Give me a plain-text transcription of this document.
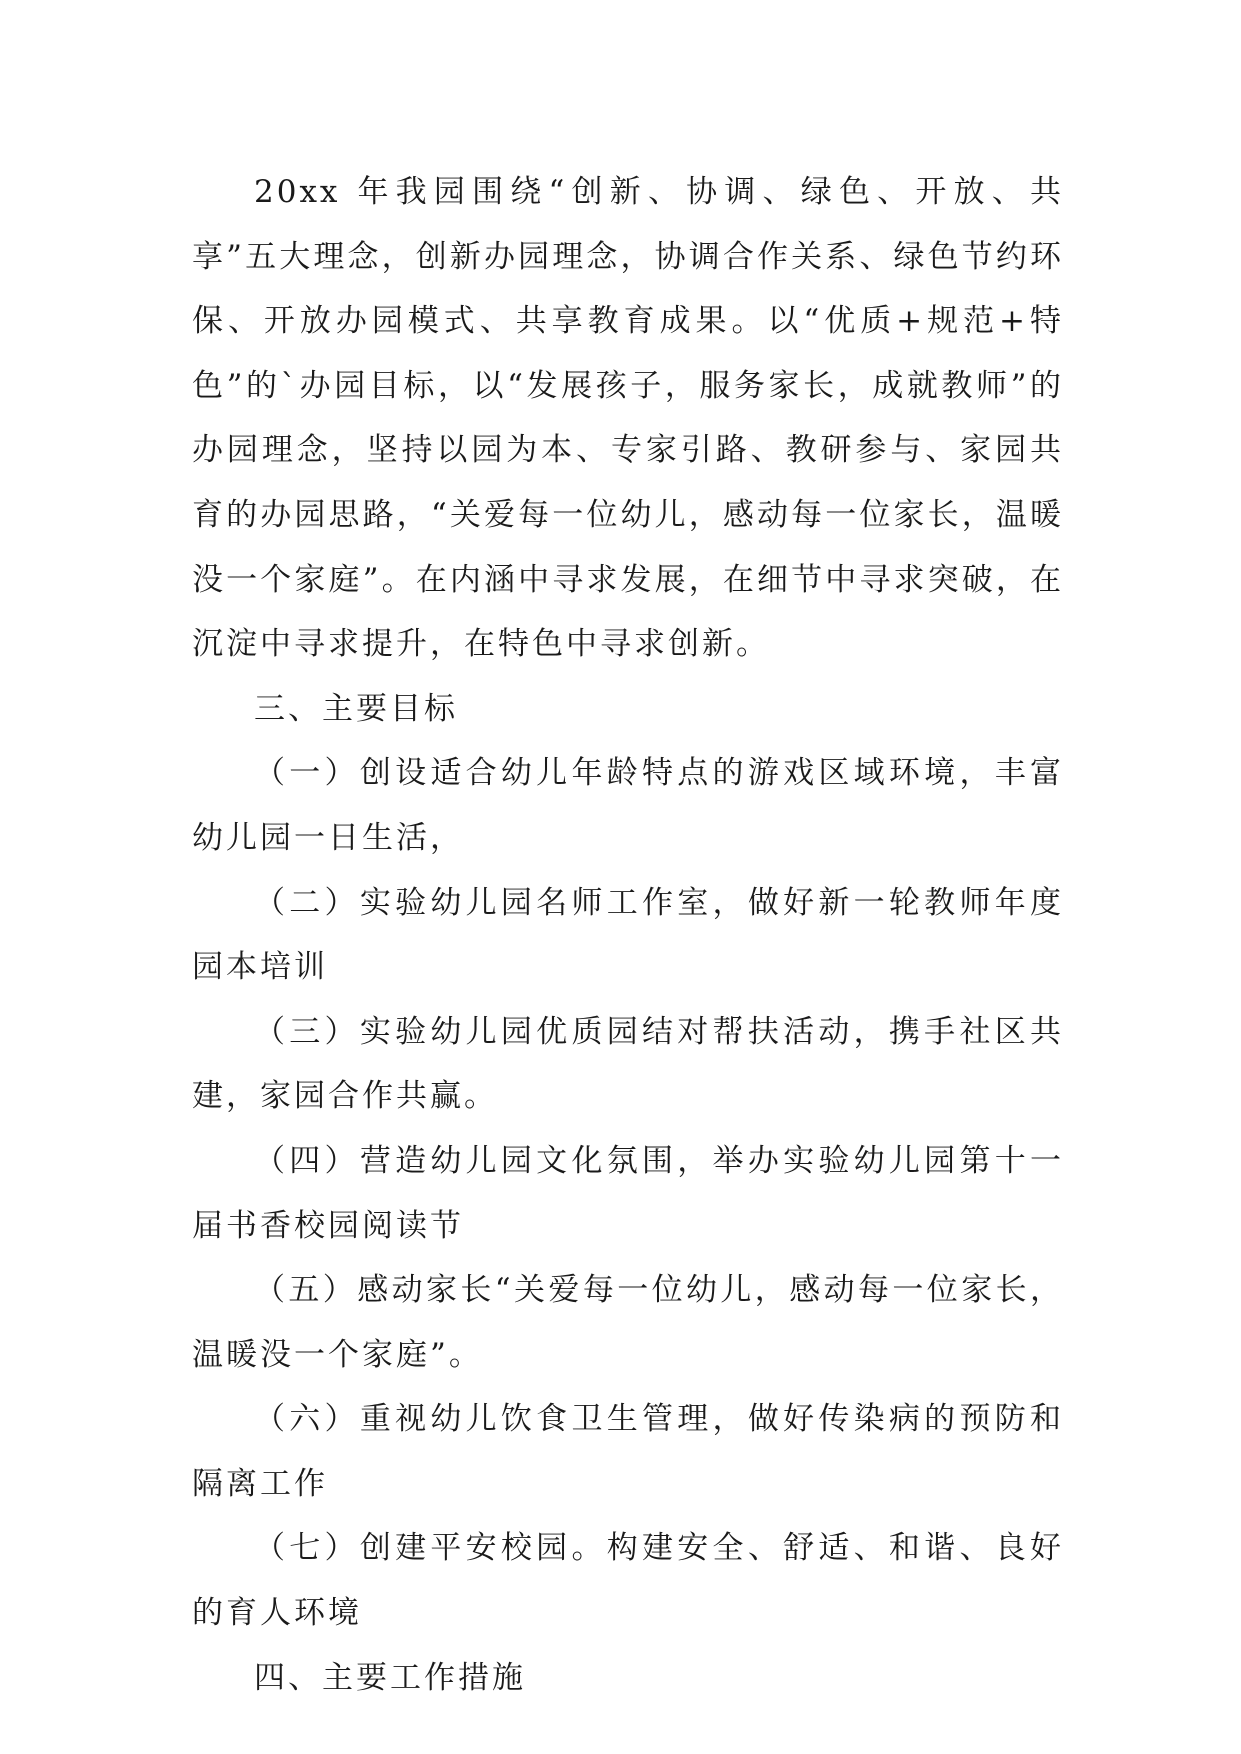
20xx 年我园围绕“创新、协调、绿色、开放、共享”五大理念，创新办园理念，协调合作关系、绿色节约环保、开放办园模式、共享教育成果。以“优质+规范+特色”的`办园目标，以“发展孩子，服务家长，成就教师”的办园理念，坚持以园为本、专家引路、教研参与、家园共育的办园思路，“关爱每一位幼儿，感动每一位家长，温暖没一个家庭”。在内涵中寻求发展，在细节中寻求突破，在沉淀中寻求提升，在特色中寻求创新。

三、主要目标

（一）创设适合幼儿年龄特点的游戏区域环境，丰富幼儿园一日生活，

（二）实验幼儿园名师工作室，做好新一轮教师年度园本培训

（三）实验幼儿园优质园结对帮扶活动，携手社区共建，家园合作共赢。

（四）营造幼儿园文化氛围，举办实验幼儿园第十一届书香校园阅读节

（五）感动家长“关爱每一位幼儿，感动每一位家长，温暖没一个家庭”。

（六）重视幼儿饮食卫生管理，做好传染病的预防和隔离工作

（七）创建平安校园。构建安全、舒适、和谐、良好的育人环境

四、主要工作措施
